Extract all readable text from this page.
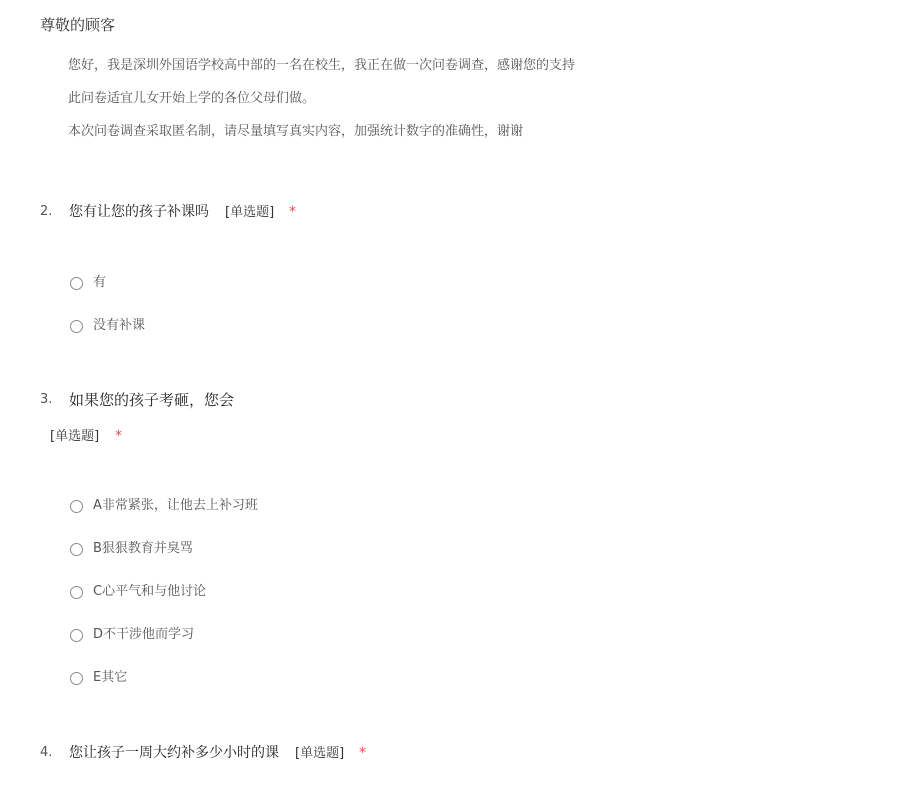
尊敬的顾客
您好，我是深圳外国语学校高中部的一名在校生，我正在做一次问卷调查，感谢您的支持
此问卷适宜儿女开始上学的各位父母们做。
本次问卷调查采取匿名制，请尽量填写真实内容，加强统计数字的准确性，谢谢
2. 您有让您的孩子补课吗 [单选题] *
有
没有补课
3. 如果您的孩子考砸，您会
[单选题] *
A非常紧张，让他去上补习班
B狠狠教育并臭骂
C心平气和与他讨论
D不干涉他而学习
E其它
4. 您让孩子一周大约补多少小时的课 [单选题] *
